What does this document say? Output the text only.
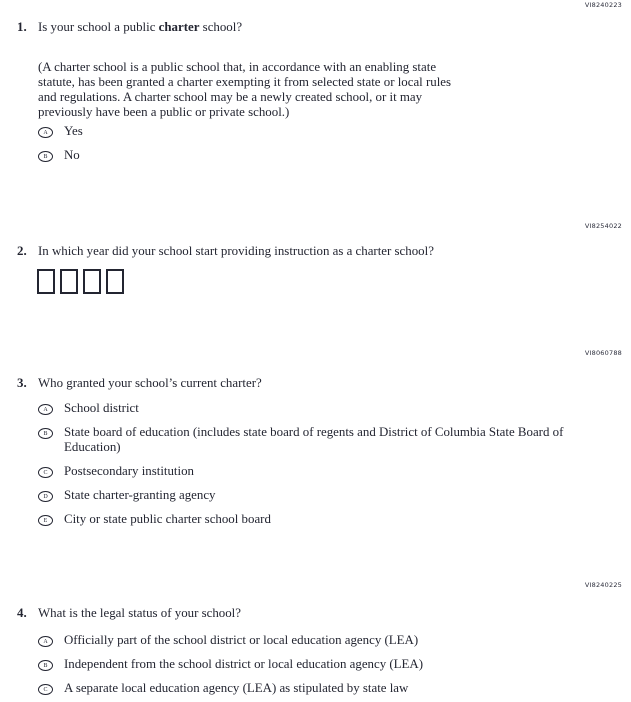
VI8240223
1. Is your school a public charter school?
(A charter school is a public school that, in accordance with an enabling state
statute, has been granted a charter exempting it from selected state or local rules
and regulations. A charter school may be a newly created school, or it may
previously have been a public or private school.)
A Yes
B No
VI8254022
2. In which year did your school start providing instruction as a charter school?
VI8060788
3. Who granted your school’s current charter?
A School district
B State board of education (includes state board of regents and District of Columbia State Board of Education)
C Postsecondary institution
D State charter-granting agency
E City or state public charter school board
VI8240225
4. What is the legal status of your school?
A Officially part of the school district or local education agency (LEA)
B Independent from the school district or local education agency (LEA)
C A separate local education agency (LEA) as stipulated by state law
